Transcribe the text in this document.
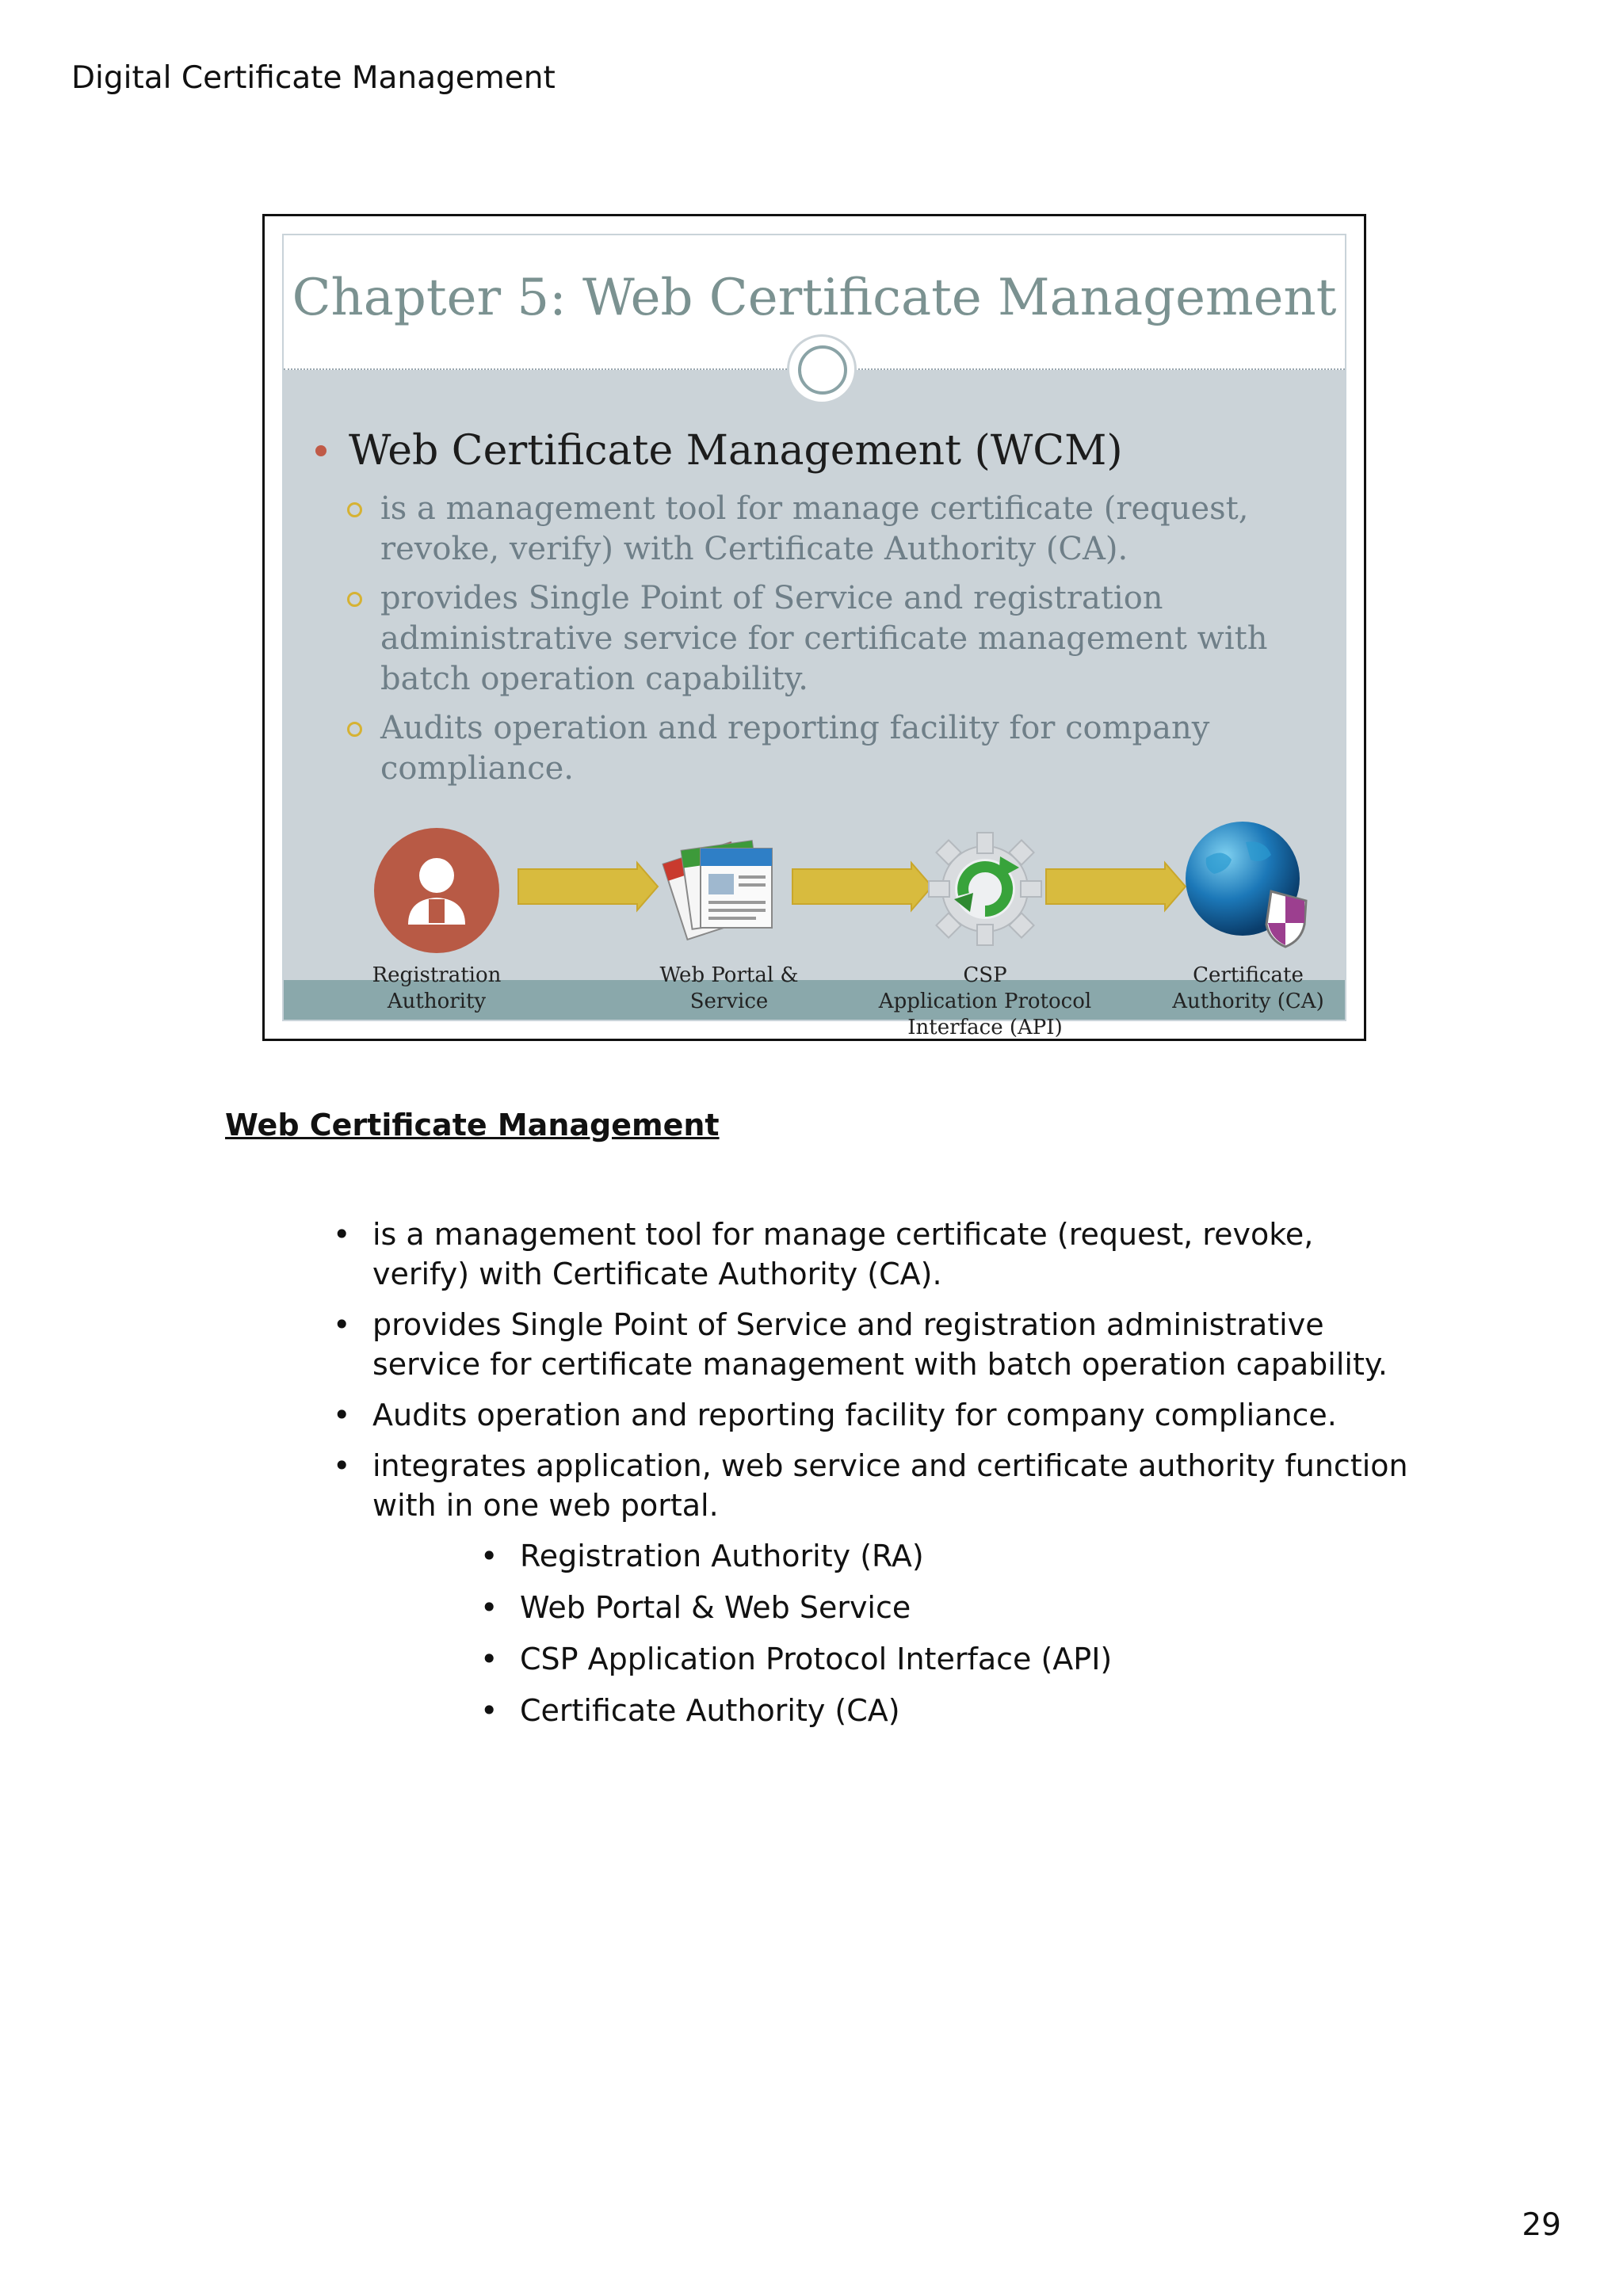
Digital Certificate Management
Chapter 5: Web Certificate Management
Web Certificate Management (WCM)
is a management tool for manage certificate (request, revoke, verify) with Certificate Authority (CA).
provides Single Point of Service and registration administrative service for certificate management with batch operation capability.
Audits operation and reporting facility for company compliance.
Registration
Authority
Web Portal &
Service
CSP
Application Protocol
Interface (API)
Certificate
Authority (CA)
Web Certificate Management
• is a management tool for manage certificate (request, revoke, verify) with Certificate Authority (CA).
• provides Single Point of Service and registration administrative service for certificate management with batch operation capability.
• Audits operation and reporting facility for company compliance.
• integrates application, web service and certificate authority function with in one web portal.
• Registration Authority (RA)
• Web Portal & Web Service
• CSP Application Protocol Interface (API)
• Certificate Authority (CA)
29
